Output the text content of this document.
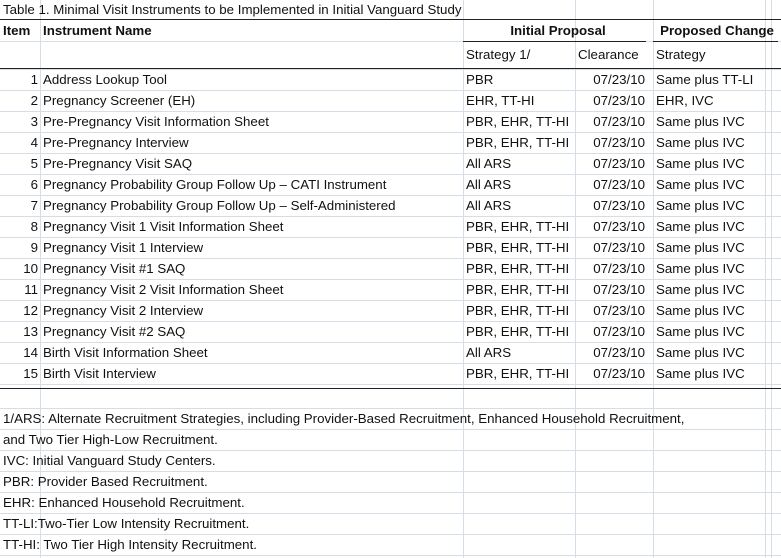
Table 1. Minimal Visit Instruments to be Implemented in Initial Vanguard Study
Item Instrument Name	Initial Proposal	Proposed Change
Strategy 1/	Clearance	Strategy
1 Address Lookup Tool	PBR	07/23/10 Same plus TT-LI
2 Pregnancy Screener (EH)	EHR, TT-HI	07/23/10 EHR, IVC
3 Pre-Pregnancy Visit Information Sheet	PBR, EHR, TT-HI	07/23/10 Same plus IVC
4 Pre-Pregnancy Interview	PBR, EHR, TT-HI	07/23/10 Same plus IVC
5 Pre-Pregnancy Visit SAQ	All ARS	07/23/10 Same plus IVC
6 Pregnancy Probability Group Follow Up – CATI Instrument	All ARS	07/23/10 Same plus IVC
7 Pregnancy Probability Group Follow Up – Self-Administered	All ARS	07/23/10 Same plus IVC
8 Pregnancy Visit 1 Visit Information Sheet	PBR, EHR, TT-HI	07/23/10 Same plus IVC
9 Pregnancy Visit 1 Interview	PBR, EHR, TT-HI	07/23/10 Same plus IVC
10 Pregnancy Visit #1 SAQ	PBR, EHR, TT-HI	07/23/10 Same plus IVC
11 Pregnancy Visit 2 Visit Information Sheet	PBR, EHR, TT-HI	07/23/10 Same plus IVC
12 Pregnancy Visit 2 Interview	PBR, EHR, TT-HI	07/23/10 Same plus IVC
13 Pregnancy Visit #2 SAQ	PBR, EHR, TT-HI	07/23/10 Same plus IVC
14 Birth Visit Information Sheet	All ARS	07/23/10 Same plus IVC
15 Birth Visit Interview	PBR, EHR, TT-HI	07/23/10 Same plus IVC
1/ARS: Alternate Recruitment Strategies, including Provider-Based Recruitment, Enhanced Household Recruitment,
and Two Tier High-Low Recruitment.
IVC: Initial Vanguard Study Centers.
PBR: Provider Based Recruitment.
EHR: Enhanced Household Recruitment.
TT-LI:Two-Tier Low Intensity Recruitment.
TT-HI: Two Tier High Intensity Recruitment.
